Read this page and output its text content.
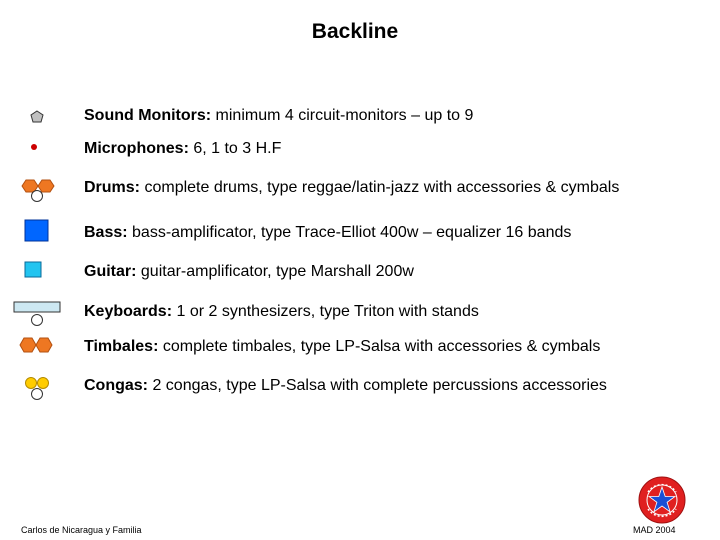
Backline
Sound Monitors: minimum 4 circuit-monitors – up to 9
Microphones: 6, 1 to 3 H.F
Drums: complete drums, type reggae/latin-jazz with accessories & cymbals
Bass: bass-amplificator, type Trace-Elliot 400w – equalizer 16 bands
Guitar: guitar-amplificator, type Marshall 200w
Keyboards: 1 or 2 synthesizers, type Triton with stands
Timbales: complete timbales, type LP-Salsa with accessories & cymbals
Congas: 2 congas, type LP-Salsa with complete percussions accessories
Carlos de Nicaragua y Familia	MAD 2004
